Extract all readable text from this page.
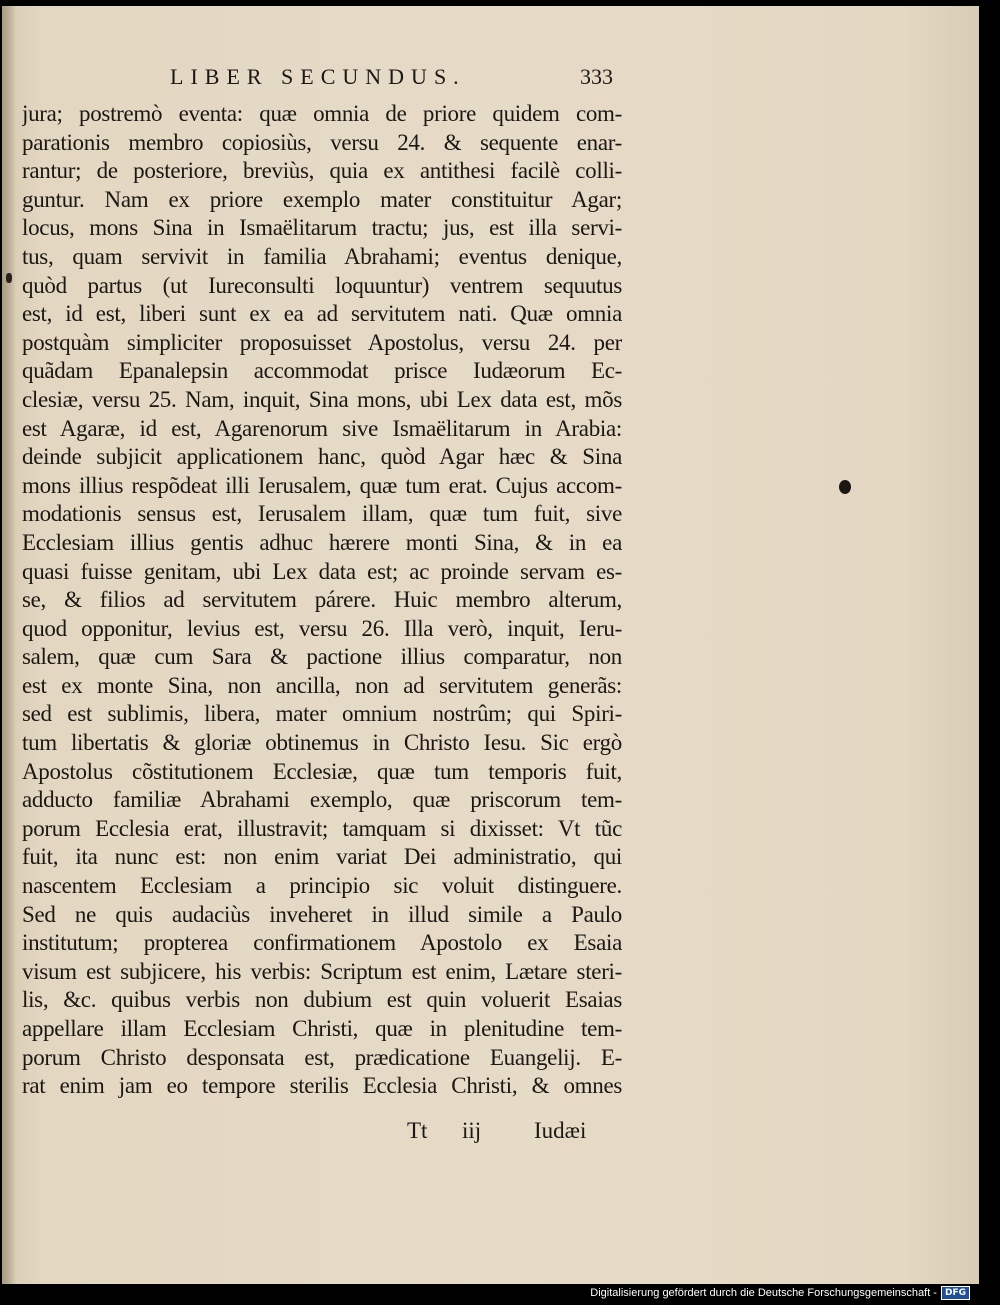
LIBER SECUNDUS.	333
jura; postremò eventa: quæ omnia de priore quidem com-
parationis membro copiosiùs, versu 24. & sequente enar-
rantur; de posteriore, breviùs, quia ex antithesi facilè colli-
guntur. Nam ex priore exemplo mater constituitur Agar;
locus, mons Sina in Ismaëlitarum tractu; jus, est illa servi-
tus, quam servivit in familia Abrahami; eventus denique,
quòd partus (ut Iureconsulti loquuntur) ventrem sequutus
est, id est, liberi sunt ex ea ad servitutem nati. Quæ omnia
postquàm simpliciter proposuisset Apostolus, versu 24. per
quãdam Epanalepsin accommodat prisce Iudæorum Ec-
clesiæ, versu 25. Nam, inquit, Sina mons, ubi Lex data est, mõs
est Agaræ, id est, Agarenorum sive Ismaëlitarum in Arabia:
deinde subjicit applicationem hanc, quòd Agar hæc & Sina
mons illius respõdeat illi Ierusalem, quæ tum erat. Cujus accom-
modationis sensus est, Ierusalem illam, quæ tum fuit, sive
Ecclesiam illius gentis adhuc hærere monti Sina, & in ea
quasi fuisse genitam, ubi Lex data est; ac proinde servam es-
se, & filios ad servitutem párere. Huic membro alterum,
quod opponitur, levius est, versu 26. Illa verò, inquit, Ieru-
salem, quæ cum Sara & pactione illius comparatur, non
est ex monte Sina, non ancilla, non ad servitutem generãs:
sed est sublimis, libera, mater omnium nostrûm; qui Spiri-
tum libertatis & gloriæ obtinemus in Christo Iesu. Sic ergò
Apostolus cõstitutionem Ecclesiæ, quæ tum temporis fuit,
adducto familiæ Abrahami exemplo, quæ priscorum tem-
porum Ecclesia erat, illustravit; tamquam si dixisset: Vt tũc
fuit, ita nunc est: non enim variat Dei administratio, qui
nascentem Ecclesiam a principio sic voluit distinguere.
Sed ne quis audaciùs inveheret in illud simile a Paulo
institutum; propterea confirmationem Apostolo ex Esaia
visum est subjicere, his verbis: Scriptum est enim, Lætare steri-
lis, &c. quibus verbis non dubium est quin voluerit Esaias
appellare illam Ecclesiam Christi, quæ in plenitudine tem-
porum Christo desponsata est, prædicatione Euangelij. E-
rat enim jam eo tempore sterilis Ecclesia Christi, & omnes
Tt iij Iudæi
Digitalisierung gefördert durch die Deutsche Forschungsgemeinschaft - DFG
